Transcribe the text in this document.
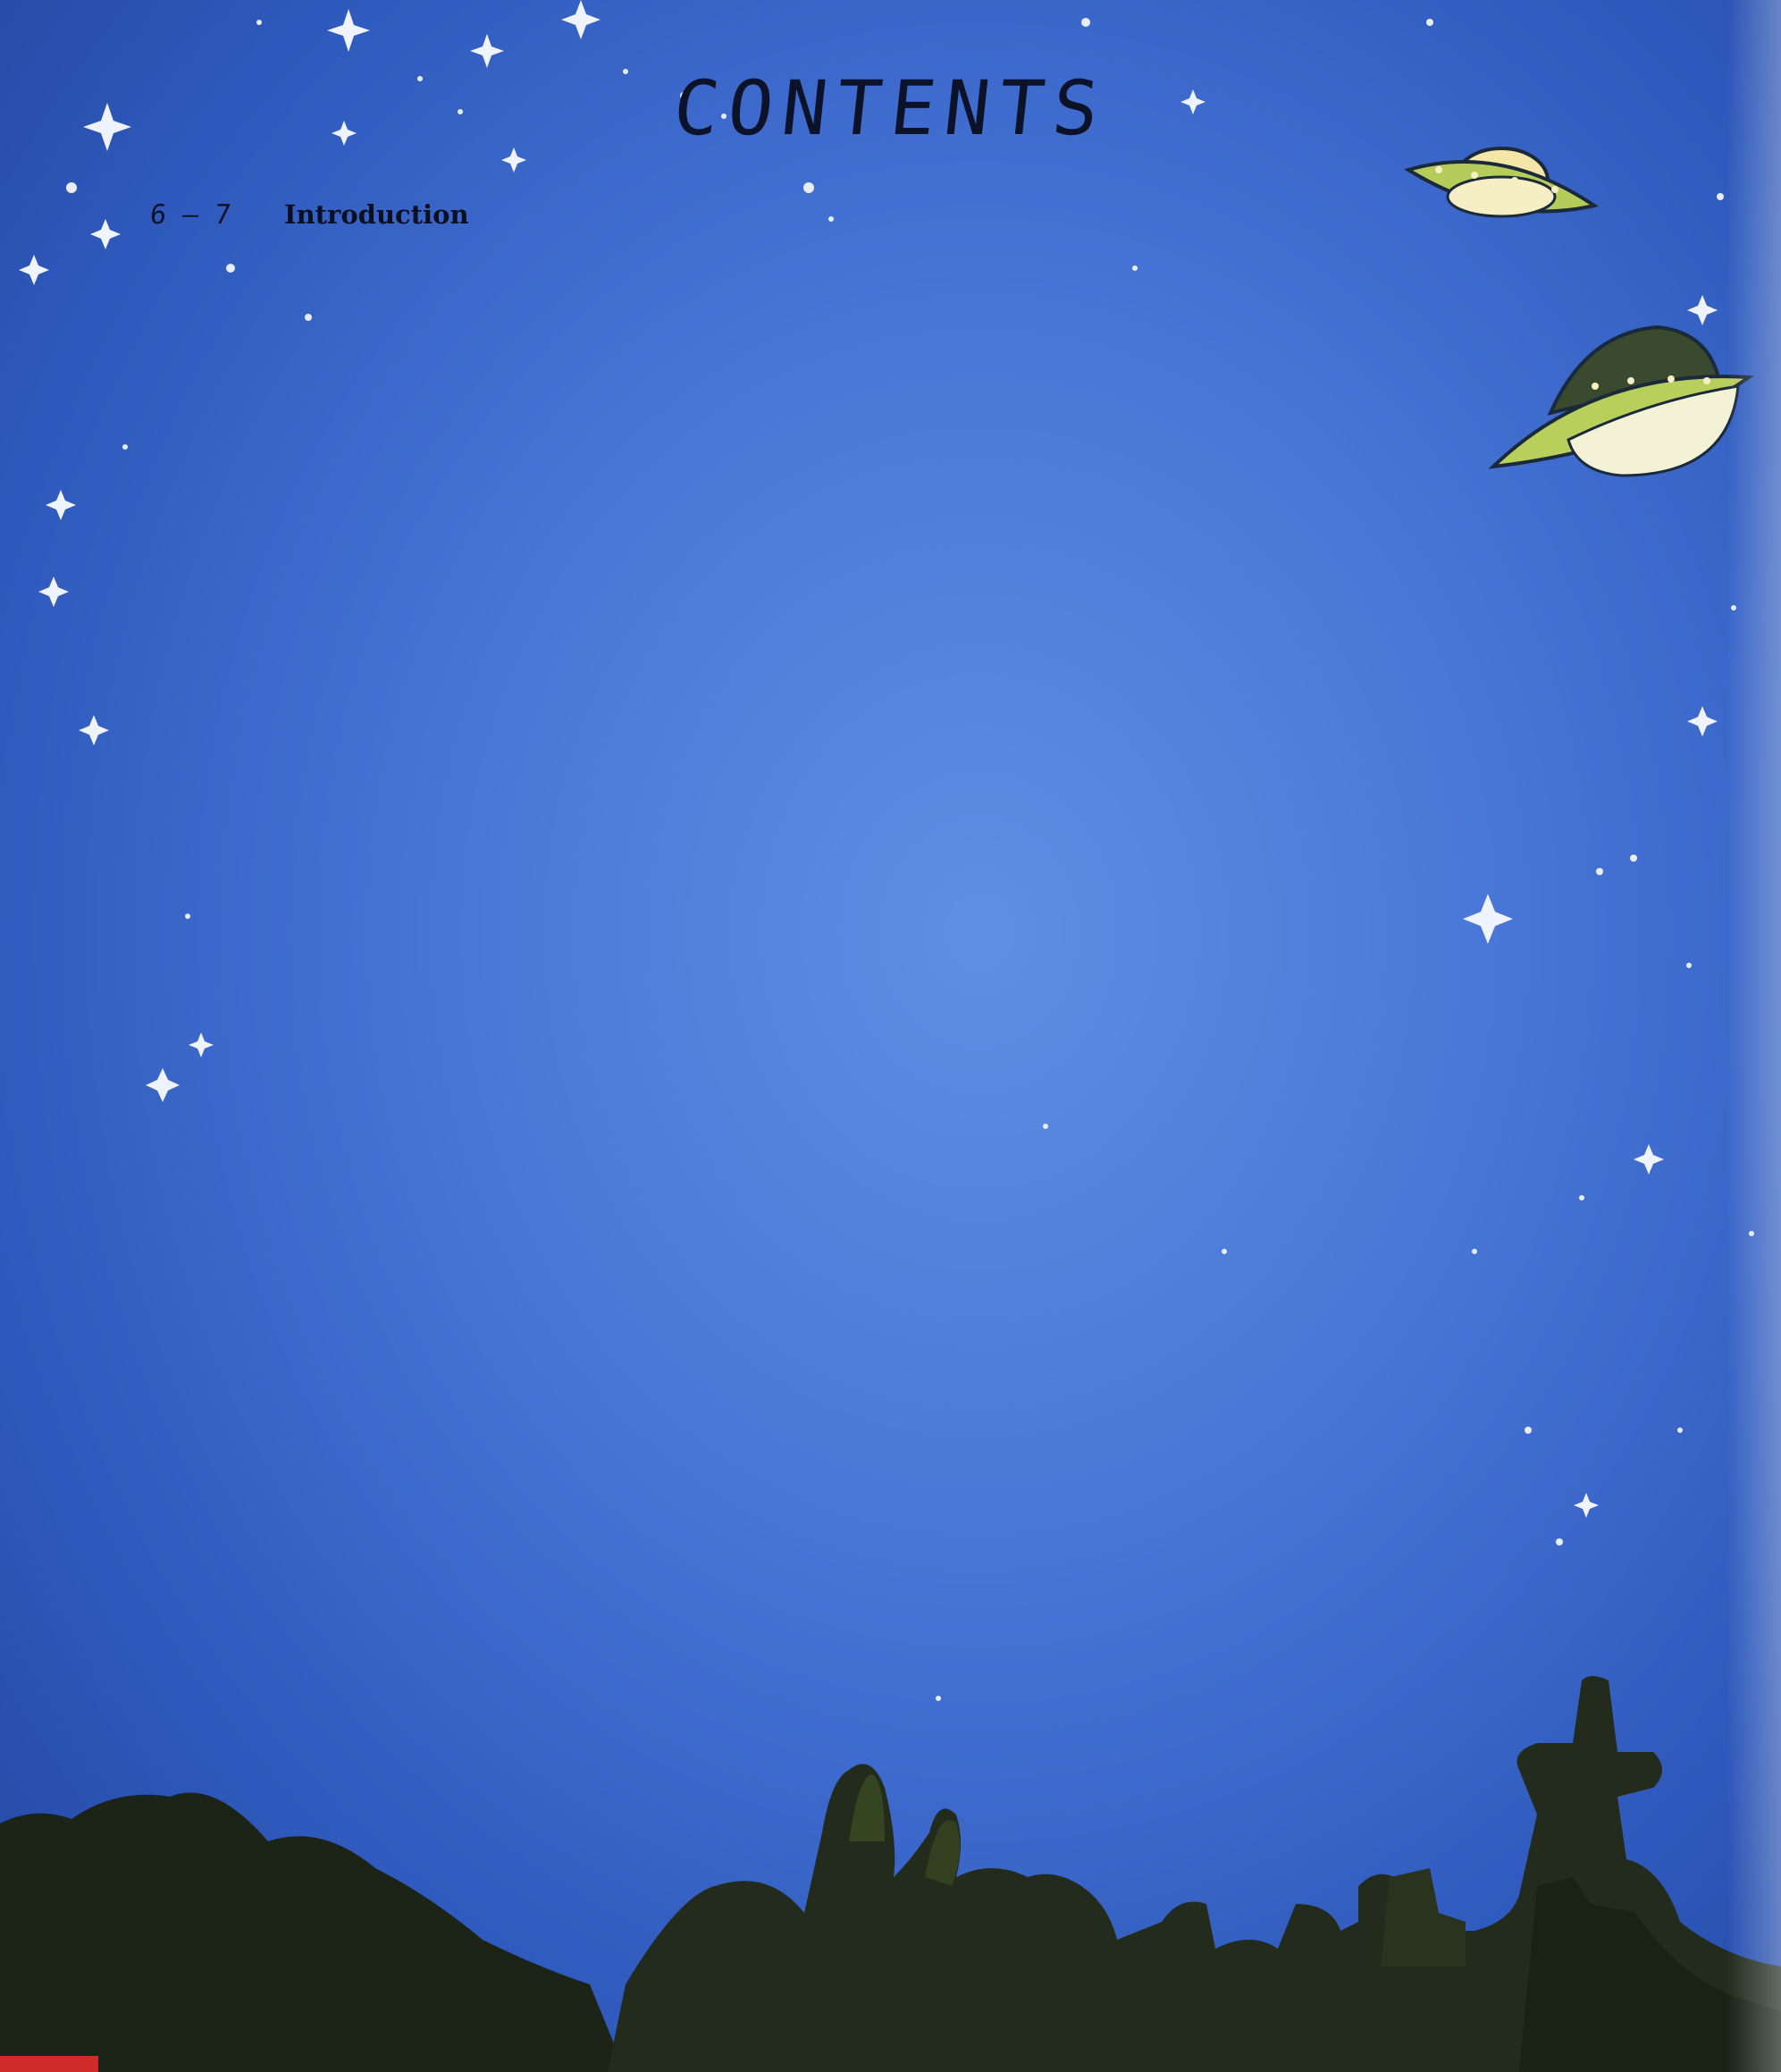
CONTENTS
6 – 7	Introduction
